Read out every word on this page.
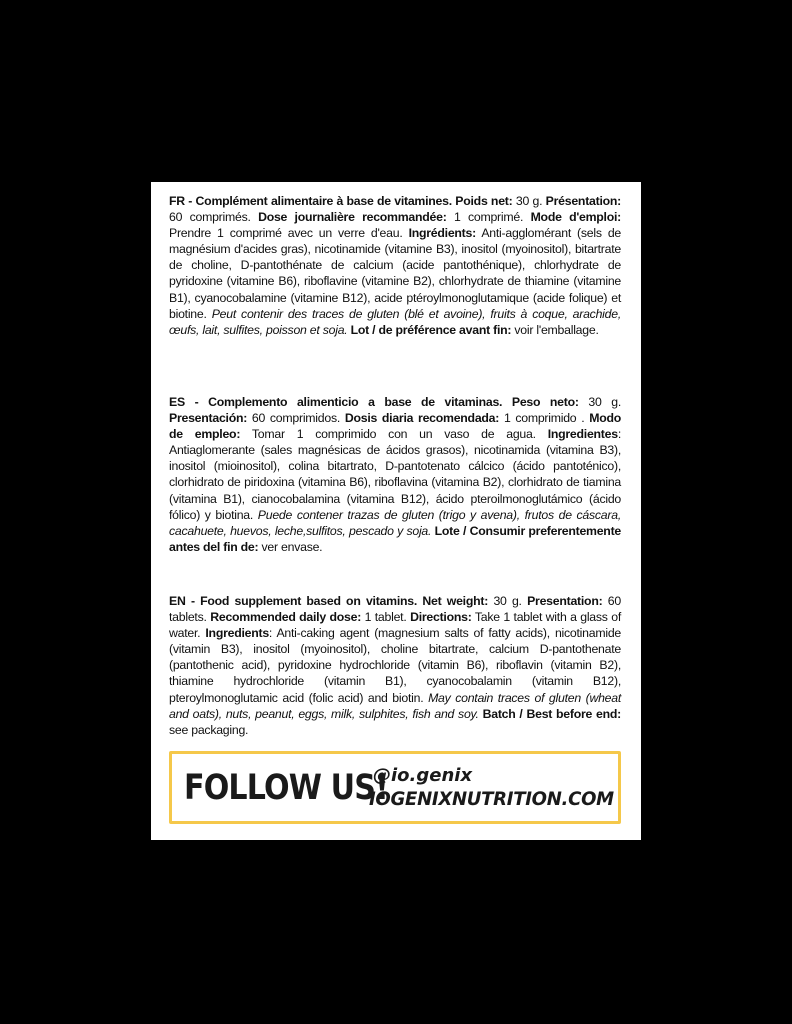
FR - Complément alimentaire à base de vitamines. Poids net: 30 g. Présentation: 60 comprimés. Dose journalière recommandée: 1 comprimé. Mode d'emploi: Prendre 1 comprimé avec un verre d'eau. Ingrédients: Anti-agglomérant (sels de magnésium d'acides gras), nicotinamide (vitamine B3), inositol (myoinositol), bitartrate de choline, D-pantothénate de calcium (acide pantothénique), chlorhydrate de pyridoxine (vitamine B6), riboflavine (vitamine B2), chlorhydrate de thiamine (vitamine B1), cyanocobalamine (vitamine B12), acide ptéroylmonoglutamique (acide folique) et biotine. Peut contenir des traces de gluten (blé et avoine), fruits à coque, arachide, œufs, lait, sulfites, poisson et soja. Lot / de préférence avant fin: voir l'emballage.
ES - Complemento alimenticio a base de vitaminas. Peso neto: 30 g. Presentación: 60 comprimidos. Dosis diaria recomendada: 1 comprimido . Modo de empleo: Tomar 1 comprimido con un vaso de agua. Ingredientes: Antiaglomerante (sales magnésicas de ácidos grasos), nicotinamida (vitamina B3), inositol (mioinositol), colina bitartrato, D-pantotenato cálcico (ácido pantoténico), clorhidrato de piridoxina (vitamina B6), riboflavina (vitamina B2), clorhidrato de tiamina (vitamina B1), cianocobalamina (vitamina B12), ácido pteroilmonoglutámico (ácido fólico) y biotina. Puede contener trazas de gluten (trigo y avena), frutos de cáscara, cacahuete, huevos, leche,sulfitos, pescado y soja. Lote / Consumir preferentemente antes del fin de: ver envase.
EN - Food supplement based on vitamins. Net weight: 30 g. Presentation: 60 tablets. Recommended daily dose: 1 tablet. Directions: Take 1 tablet with a glass of water. Ingredients: Anti-caking agent (magnesium salts of fatty acids), nicotinamide (vitamin B3), inositol (myoinositol), choline bitartrate, calcium D-pantothenate (pantothenic acid), pyridoxine hydrochloride (vitamin B6), riboflavin (vitamin B2), thiamine hydrochloride (vitamin B1), cyanocobalamin (vitamin B12), pteroylmonoglutamic acid (folic acid) and biotin. May contain traces of gluten (wheat and oats), nuts, peanut, eggs, milk, sulphites, fish and soy. Batch / Best before end: see packaging.
FOLLOW US!
@io.genix
IOGENIXNUTRITION.COM
